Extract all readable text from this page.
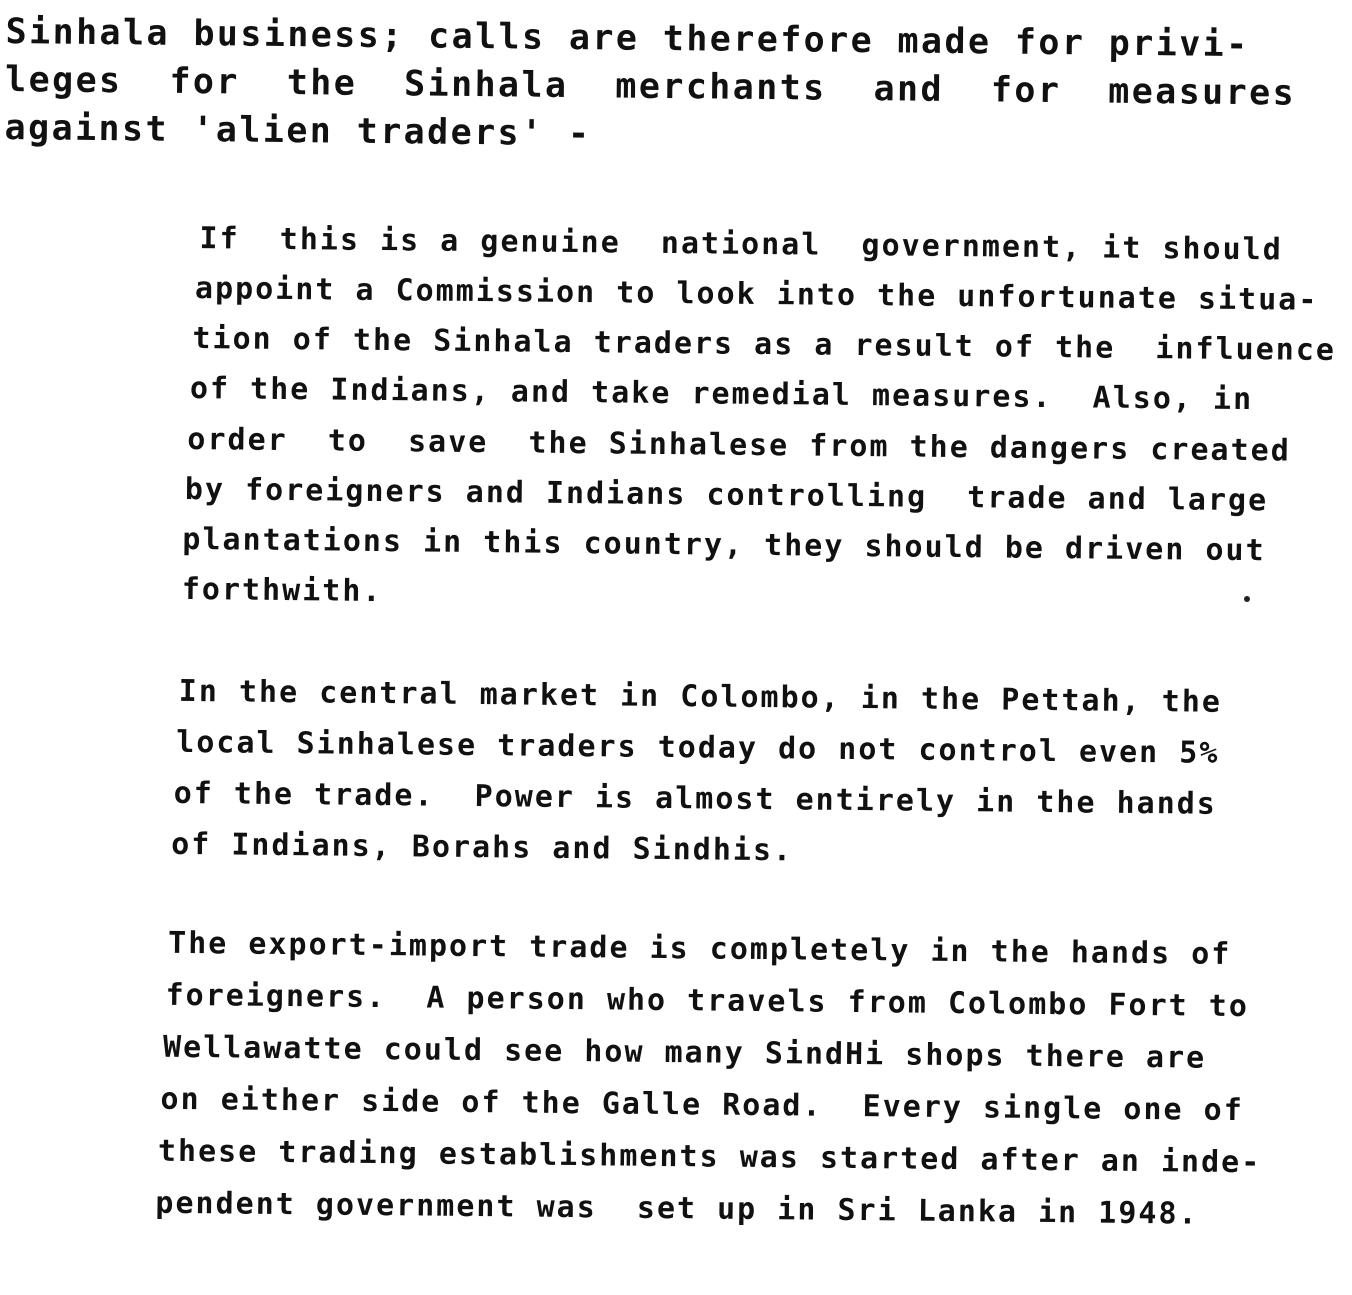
Sinhala business; calls are therefore made for privi-
leges  for  the  Sinhala  merchants  and  for  measures
against 'alien traders' -
If  this is a genuine  national  government, it should
appoint a Commission to look into the unfortunate situa-
tion of the Sinhala traders as a result of the  influence
of the Indians, and take remedial measures.  Also, in
order  to  save  the Sinhalese from the dangers created
by foreigners and Indians controlling  trade and large
plantations in this country, they should be driven out
forthwith.
In the central market in Colombo, in the Pettah, the
local Sinhalese traders today do not control even 5%
of the trade.  Power is almost entirely in the hands
of Indians, Borahs and Sindhis.
The export-import trade is completely in the hands of
foreigners.  A person who travels from Colombo Fort to
Wellawatte could see how many SindHi shops there are
on either side of the Galle Road.  Every single one of
these trading establishments was started after an inde-
pendent government was  set up in Sri Lanka in 1948.
